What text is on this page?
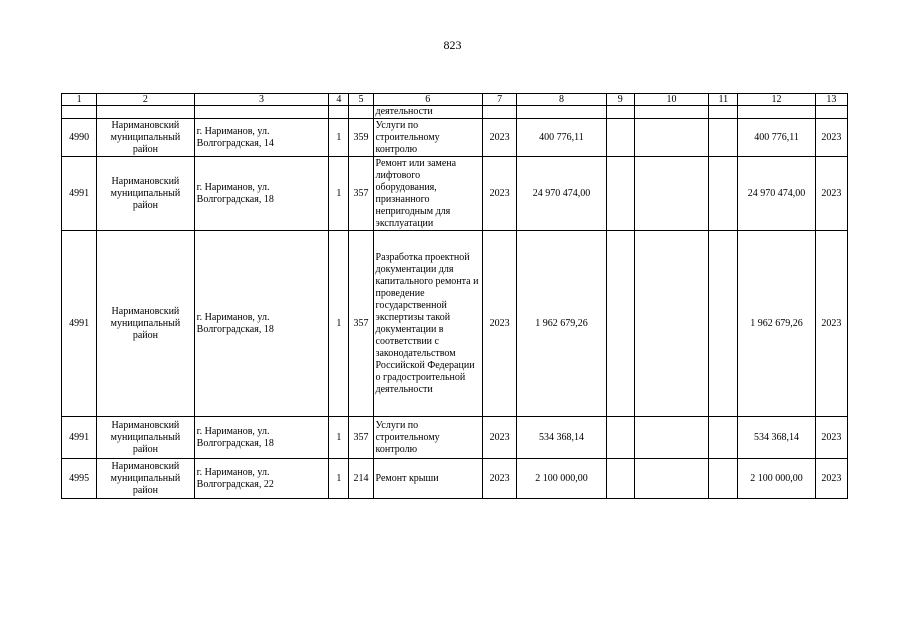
823
1	2	3	4	5	6	7	8	9	10	11	12	13
					деятельности							
4990	Наримановский муниципальный район	г. Нариманов, ул. Волгоградская, 14	1	359	Услуги по строительному контролю	2023	400 776,11				400 776,11	2023
4991	Наримановский муниципальный район	г. Нариманов, ул. Волгоградская, 18	1	357	Ремонт или замена лифтового оборудования, признанного непригодным для эксплуатации	2023	24 970 474,00				24 970 474,00	2023
4991	Наримановский муниципальный район	г. Нариманов, ул. Волгоградская, 18	1	357	Разработка проектной документации для капитального ремонта и проведение государственной экспертизы такой документации в соответствии с законодательством Российской Федерации о градостроительной деятельности	2023	1 962 679,26				1 962 679,26	2023
4991	Наримановский муниципальный район	г. Нариманов, ул. Волгоградская, 18	1	357	Услуги по строительному контролю	2023	534 368,14				534 368,14	2023
4995	Наримановский муниципальный район	г. Нариманов, ул. Волгоградская, 22	1	214	Ремонт крыши	2023	2 100 000,00				2 100 000,00	2023
